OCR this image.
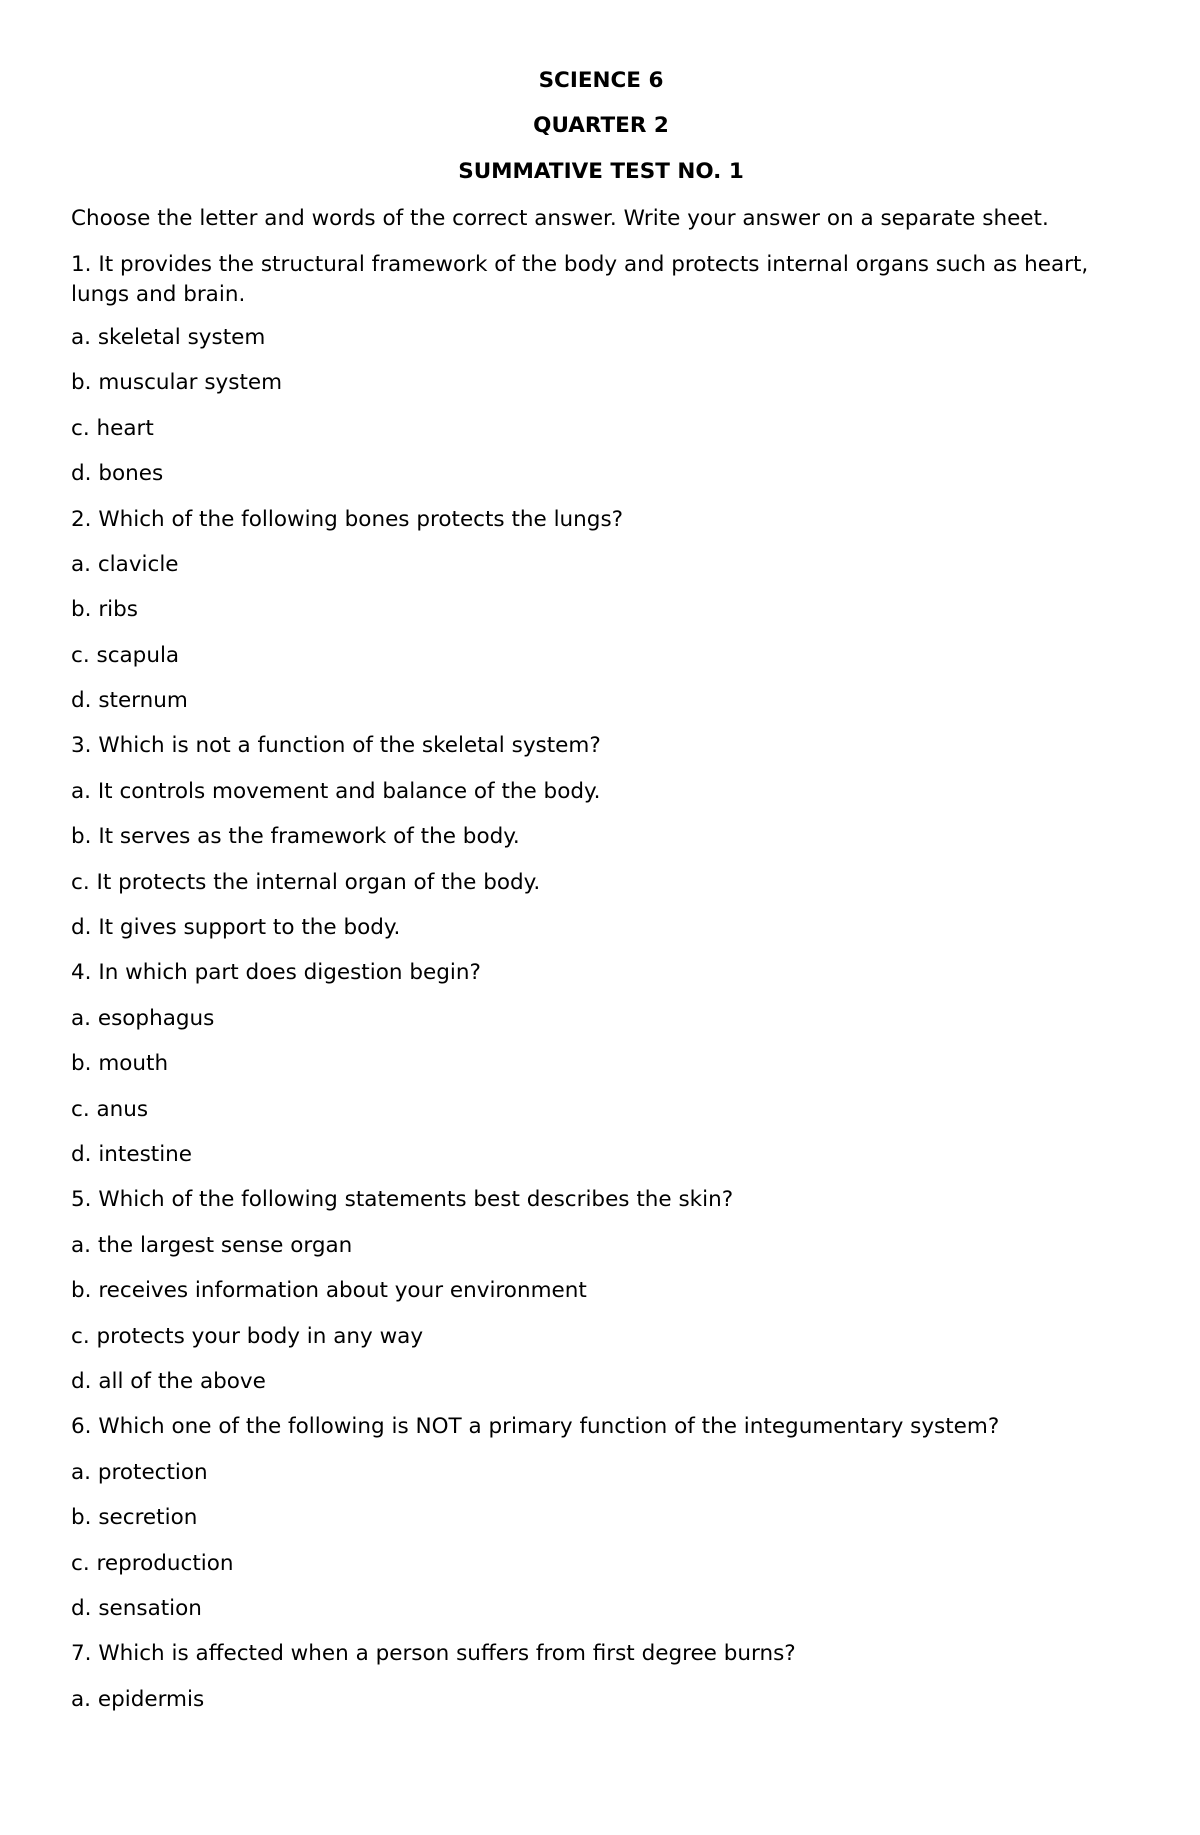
SCIENCE 6
QUARTER 2
SUMMATIVE TEST NO. 1
Choose the letter and words of the correct answer. Write your answer on a separate sheet.
1. It provides the structural framework of the body and protects internal organs such as heart, lungs and brain.
a. skeletal system
b. muscular system
c. heart
d. bones
2. Which of the following bones protects the lungs?
a. clavicle
b. ribs
c. scapula
d. sternum
3. Which is not a function of the skeletal system?
a. It controls movement and balance of the body.
b. It serves as the framework of the body.
c. It protects the internal organ of the body.
d. It gives support to the body.
4. In which part does digestion begin?
a. esophagus
b. mouth
c. anus
d. intestine
5. Which of the following statements best describes the skin?
a. the largest sense organ
b. receives information about your environment
c. protects your body in any way
d. all of the above
6. Which one of the following is NOT a primary function of the integumentary system?
a. protection
b. secretion
c. reproduction
d. sensation
7. Which is affected when a person suffers from first degree burns?
a. epidermis
